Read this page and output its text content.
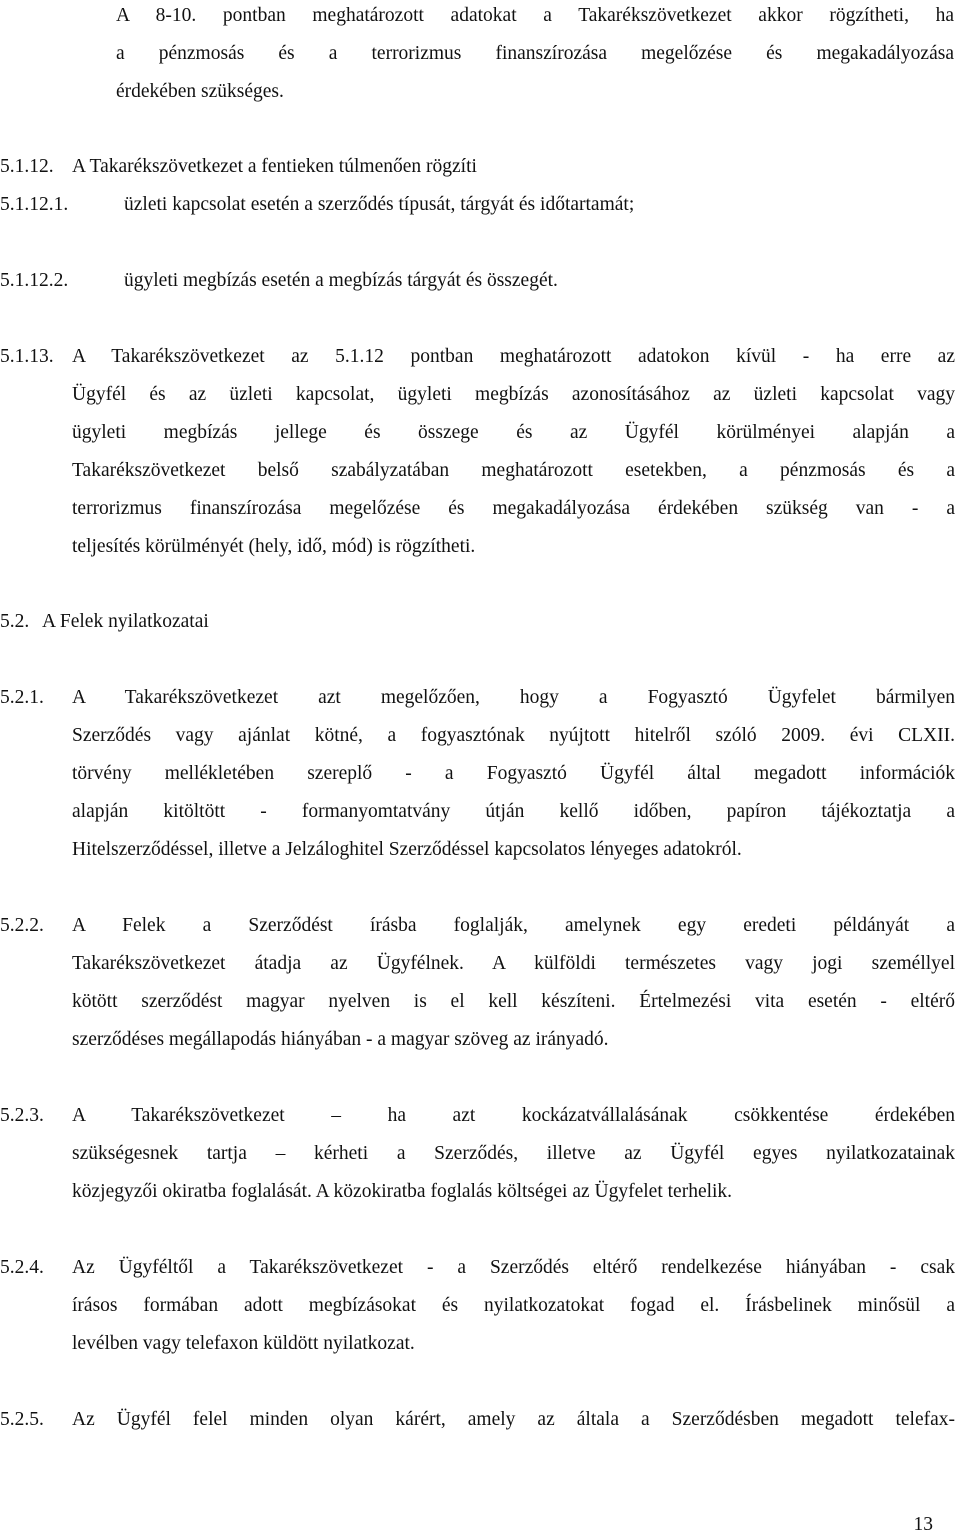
A 8-10. pontban meghatározott adatokat a Takarékszövetkezet akkor rögzítheti, ha
a pénzmosás és a terrorizmus finanszírozása megelőzése és megakadályozása
érdekében szükséges.
5.1.12. A Takarékszövetkezet a fentieken túlmenően rögzíti
5.1.12.1.	üzleti kapcsolat esetén a szerződés típusát, tárgyát és időtartamát;
5.1.12.2.	ügyleti megbízás esetén a megbízás tárgyát és összegét.
5.1.13. A Takarékszövetkezet az 5.1.12 pontban meghatározott adatokon kívül - ha erre az
Ügyfél és az üzleti kapcsolat, ügyleti megbízás azonosításához az üzleti kapcsolat vagy
ügyleti megbízás jellege és összege és az Ügyfél körülményei alapján a
Takarékszövetkezet belső szabályzatában meghatározott esetekben, a pénzmosás és a
terrorizmus finanszírozása megelőzése és megakadályozása érdekében szükség van - a
teljesítés körülményét (hely, idő, mód) is rögzítheti.
5.2. A Felek nyilatkozatai
5.2.1. A Takarékszövetkezet azt megelőzően, hogy a Fogyasztó Ügyfelet bármilyen
Szerződés vagy ajánlat kötné, a fogyasztónak nyújtott hitelről szóló 2009. évi CLXII.
törvény mellékletében szereplő - a Fogyasztó Ügyfél által megadott információk
alapján kitöltött - formanyomtatvány útján kellő időben, papíron tájékoztatja a
Hitelszerződéssel, illetve a Jelzáloghitel Szerződéssel kapcsolatos lényeges adatokról.
5.2.2. A Felek a Szerződést írásba foglalják, amelynek egy eredeti példányát a
Takarékszövetkezet átadja az Ügyfélnek. A külföldi természetes vagy jogi személlyel
kötött szerződést magyar nyelven is el kell készíteni. Értelmezési vita esetén - eltérő
szerződéses megállapodás hiányában - a magyar szöveg az irányadó.
5.2.3. A Takarékszövetkezet – ha azt kockázatvállalásának csökkentése érdekében
szükségesnek tartja – kérheti a Szerződés, illetve az Ügyfél egyes nyilatkozatainak
közjegyzői okiratba foglalását. A közokiratba foglalás költségei az Ügyfelet terhelik.
5.2.4. Az Ügyféltől a Takarékszövetkezet - a Szerződés eltérő rendelkezése hiányában - csak
írásos formában adott megbízásokat és nyilatkozatokat fogad el. Írásbelinek minősül a
levélben vagy telefaxon küldött nyilatkozat.
5.2.5. Az Ügyfél felel minden olyan kárért, amely az általa a Szerződésben megadott telefax-
13
